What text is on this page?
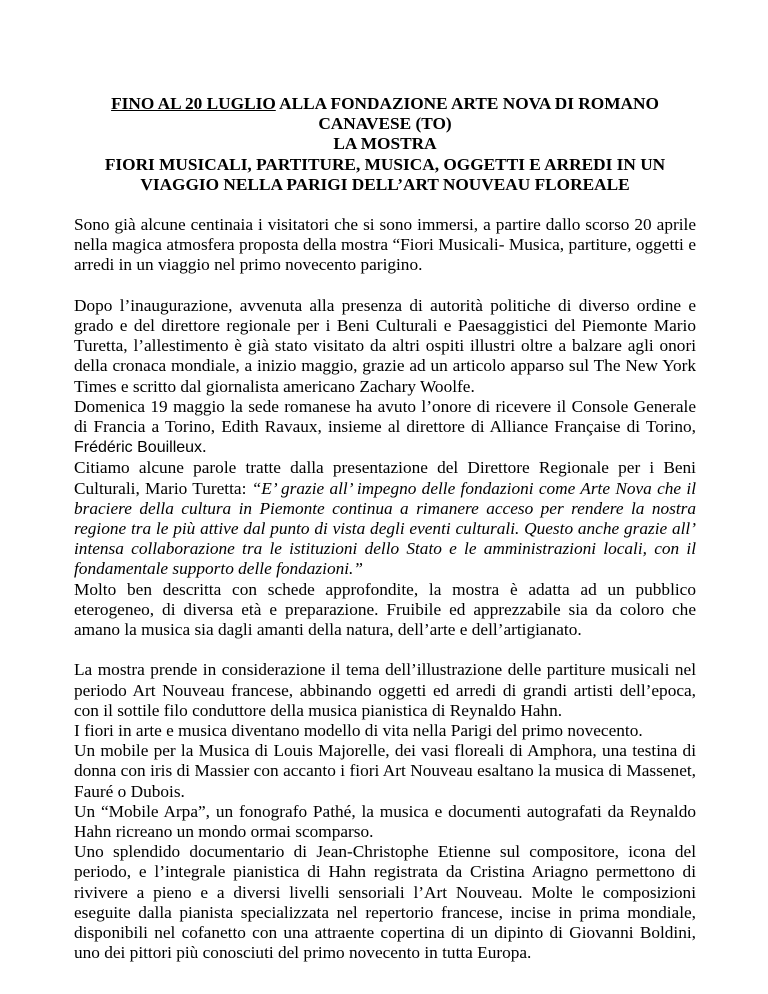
FINO AL 20 LUGLIO ALLA FONDAZIONE ARTE NOVA DI ROMANO
CANAVESE (TO)
LA MOSTRA
FIORI MUSICALI, PARTITURE, MUSICA, OGGETTI E ARREDI IN UN
VIAGGIO NELLA PARIGI DELL’ART NOUVEAU FLOREALE

Sono già alcune centinaia i visitatori che si sono immersi, a partire dallo scorso 20 aprile nella magica atmosfera proposta della mostra “Fiori Musicali- Musica, partiture, oggetti e arredi in un viaggio nel primo novecento parigino.

Dopo l’inaugurazione, avvenuta alla presenza di autorità politiche di diverso ordine e grado e del direttore regionale per i Beni Culturali e Paesaggistici del Piemonte Mario Turetta, l’allestimento è già stato visitato da altri ospiti illustri oltre a balzare agli onori della cronaca mondiale, a inizio maggio, grazie ad un articolo apparso sul The New York Times e scritto dal giornalista americano Zachary Woolfe.

Domenica 19 maggio la sede romanese ha avuto l’onore di ricevere il Console Generale di Francia a Torino, Edith Ravaux, insieme al direttore di Alliance Française di Torino, Frédéric Bouilleux.

Citiamo alcune parole tratte dalla presentazione del Direttore Regionale per i Beni Culturali, Mario Turetta: “E’ grazie all’ impegno delle fondazioni come Arte Nova che il braciere della cultura in Piemonte continua a rimanere acceso per rendere la nostra regione tra le più attive dal punto di vista degli eventi culturali. Questo anche grazie all’ intensa collaborazione tra le istituzioni dello Stato e le amministrazioni locali, con il fondamentale supporto delle fondazioni.”

Molto ben descritta con schede approfondite, la mostra è adatta ad un pubblico eterogeneo, di diversa età e preparazione. Fruibile ed apprezzabile sia da coloro che amano la musica sia dagli amanti della natura, dell’arte e dell’artigianato.

La mostra prende in considerazione il tema dell’illustrazione delle partiture musicali nel periodo Art Nouveau francese, abbinando oggetti ed arredi di grandi artisti dell’epoca, con il sottile filo conduttore della musica pianistica di Reynaldo Hahn.

I fiori in arte e musica diventano modello di vita nella Parigi del primo novecento.

Un mobile per la Musica di Louis Majorelle, dei vasi floreali di Amphora, una testina di donna con iris di Massier con accanto i fiori Art Nouveau esaltano la musica di Massenet, Fauré o Dubois.

Un “Mobile Arpa”, un fonografo Pathé, la musica e documenti autografati da Reynaldo Hahn ricreano un mondo ormai scomparso.

Uno splendido documentario di Jean-Christophe Etienne sul compositore, icona del periodo, e l’integrale pianistica di Hahn registrata da Cristina Ariagno permettono di rivivere a pieno e a diversi livelli sensoriali l’Art Nouveau. Molte le composizioni eseguite dalla pianista specializzata nel repertorio francese, incise in prima mondiale, disponibili nel cofanetto con una attraente copertina di un dipinto di Giovanni Boldini, uno dei pittori più conosciuti del primo novecento in tutta Europa.
